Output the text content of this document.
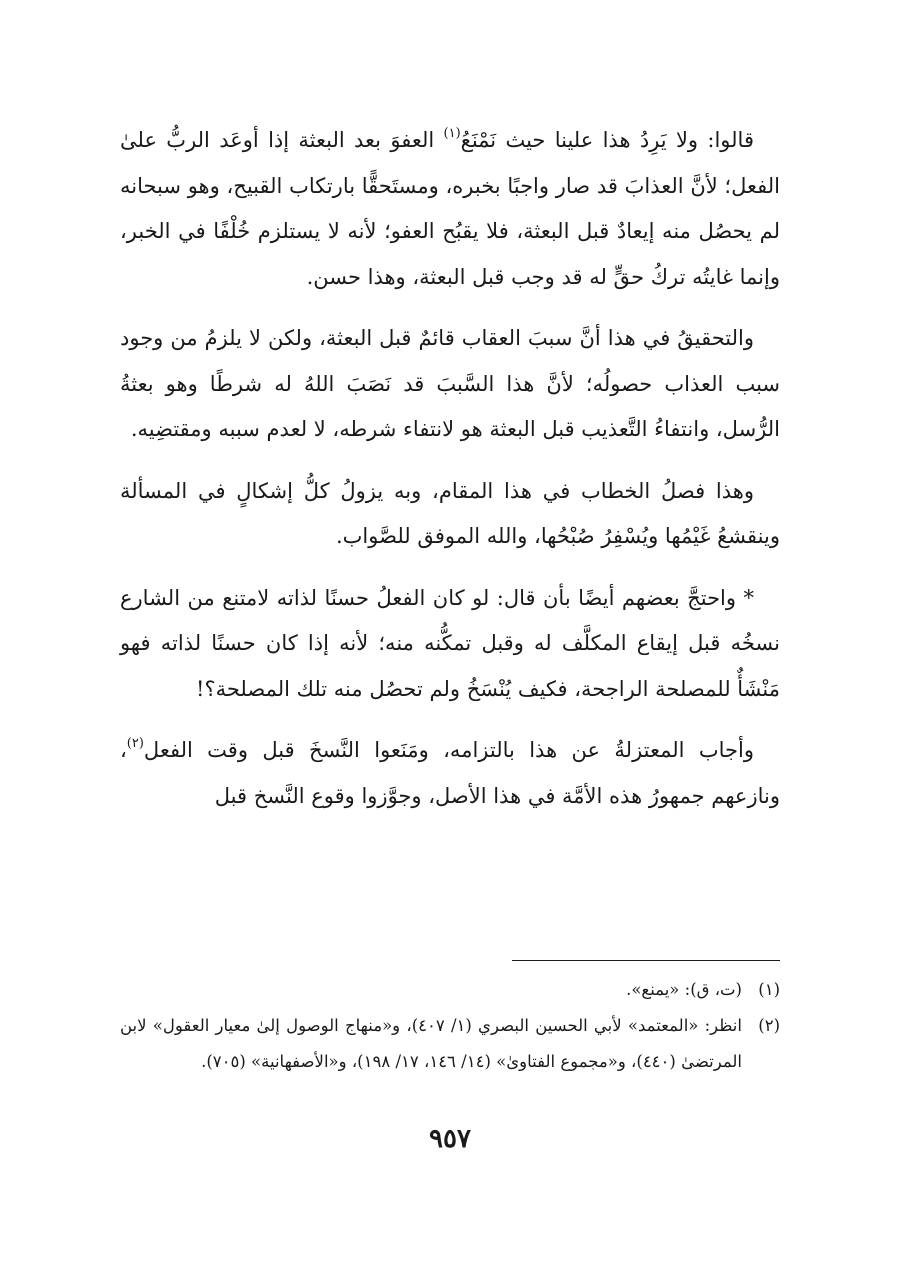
قالوا: ولا يَرِدُ هذا علينا حيث نَمْنَعُ$^{(١)}$ العفوَ بعد البعثة إذا أوعَد الربُّ علىٰ الفعل؛ لأنَّ العذابَ قد صار واجبًا بخبره، ومستَحقًّا بارتكاب القبيح، وهو سبحانه لم يحصُل منه إيعادٌ قبل البعثة، فلا يقبُح العفو؛ لأنه لا يستلزم خُلْفًا في الخبر، وإنما غايتُه تركُ حقٍّ له قد وجب قبل البعثة، وهذا حسن.

والتحقيقُ في هذا أنَّ سببَ العقاب قائمٌ قبل البعثة، ولكن لا يلزمُ من وجود سبب العذاب حصولُه؛ لأنَّ هذا السَّببَ قد نَصَبَ اللهُ له شرطًا وهو بعثةُ الرُّسل، وانتفاءُ التَّعذيب قبل البعثة هو لانتفاء شرطه، لا لعدم سببه ومقتضِيه.

وهذا فصلُ الخطاب في هذا المقام، وبه يزولُ كلُّ إشكالٍ في المسألة وينقشعُ غَيْمُها ويُسْفِرُ صُبْحُها، والله الموفق للصَّواب.

* واحتجَّ بعضهم أيضًا بأن قال: لو كان الفعلُ حسنًا لذاته لامتنع من الشارع نسخُه قبل إيقاع المكلَّف له وقبل تمكُّنه منه؛ لأنه إذا كان حسنًا لذاته فهو مَنْشَأٌ للمصلحة الراجحة، فكيف يُنْسَخُ ولم تحصُل منه تلك المصلحة؟!

وأجاب المعتزلةُ عن هذا بالتزامه، ومَنَعوا النَّسخَ قبل وقت الفعل$^{(٢)}$، ونازعهم جمهورُ هذه الأمَّة في هذا الأصل، وجوَّزوا وقوع النَّسخ قبل

(١)
(ت، ق): «يمنع».

(٢)
انظر: «المعتمد» لأبي الحسين البصري (١/ ٤٠٧)، و«منهاج الوصول إلىٰ معيار العقول» لابن المرتضىٰ (٤٤٠)، و«مجموع الفتاوىٰ» (١٤/ ١٤٦، ١٧/ ١٩٨)، و«الأصفهانية» (٧٠٥).

٩٥٧
